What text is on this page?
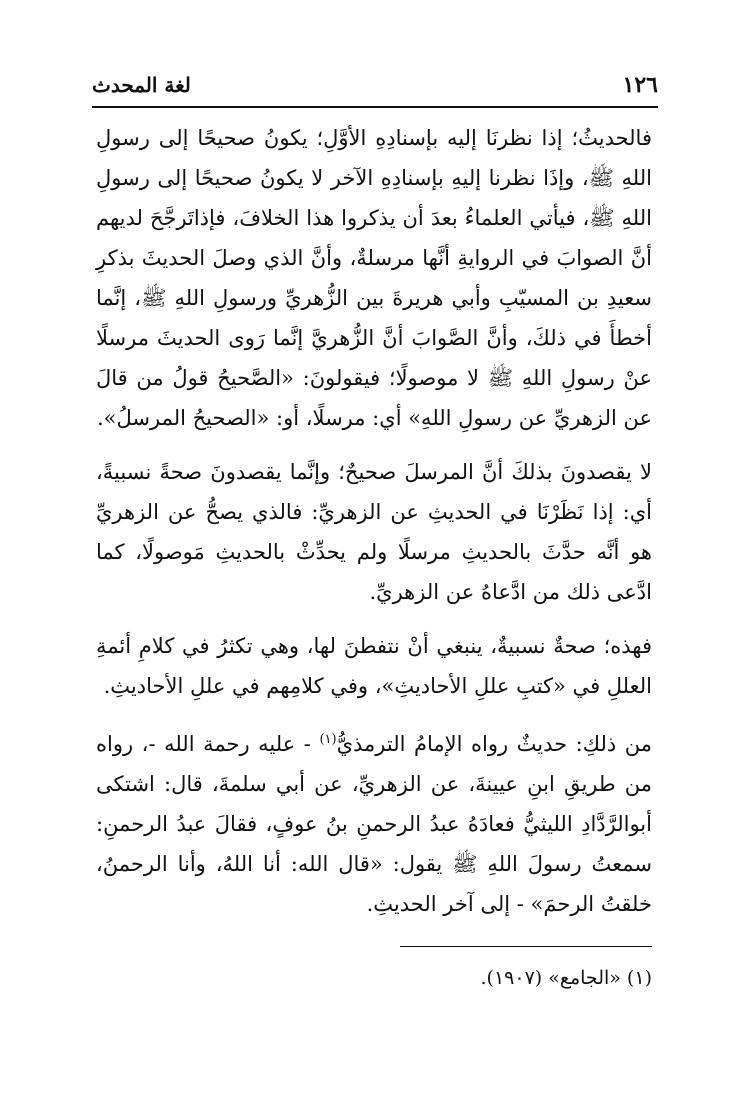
١٢٦
لغة المحدث

فالحديثُ؛ إذا نظرنَا إليه بإسنادِهِ الأوَّلِ؛ يكونُ صحيحًا إلى رسولِ اللهِ ﷺ، وإذَا نظرنا إليهِ بإسنادِهِ الآخر لا يكونُ صحيحًا إلى رسولِ اللهِ ﷺ، فيأتي العلماءُ بعدَ أن يذكروا هذا الخلافَ، فإذاتَرجَّحَ لديهم أنَّ الصوابَ في الروايةِ أنَّها مرسلةٌ، وأنَّ الذي وصلَ الحديثَ بذكرِ سعيدِ بن المسيّبِ وأبي هريرةَ بين الزُّهريِّ ورسولِ اللهِ ﷺ، إنَّما أخطأَ في ذلكَ، وأنَّ الصَّوابَ أنَّ الزُّهريَّ إنَّما رَوى الحديثَ مرسلًا عنْ رسولِ اللهِ ﷺ لا موصولًا؛ فيقولونَ: «الصَّحيحُ قولُ من قالَ عن الزهريِّ عن رسولِ اللهِ» أي: مرسلًا، أو: «الصحيحُ المرسلُ».

لا يقصدونَ بذلكَ أنَّ المرسلَ صحيحٌ؛ وإنَّما يقصدونَ صحةً نسبيةً، أي: إذا نَظَرْنَا في الحديثِ عن الزهريِّ: فالذي يصحُّ عن الزهريِّ هو أنَّه حدَّثَ بالحديثِ مرسلًا ولم يحدِّثْ بالحديثِ مَوصولًا، كما ادَّعى ذلك من ادَّعاهُ عن الزهريِّ.

فهذه؛ صحةٌ نسبيةٌ، ينبغي أنْ نتفطنَ لها، وهي تكثرُ في كلامِ أئمةِ العللِ في «كتبِ عللِ الأحاديثِ»، وفي كلامِهم في عللِ الأحاديثِ.

من ذلكِ: حديثٌ رواه الإمامُ الترمذيُّ$^{(١)}$ - عليه رحمة الله -، رواه من طريقِ ابنِ عيينةَ، عن الزهريِّ، عن أبي سلمةَ، قال: اشتكى أبوالرَّدَّادِ الليثيُّ فعادَهُ عبدُ الرحمنِ بنُ عوفٍ، فقالَ عبدُ الرحمنِ: سمعتُ رسولَ اللهِ ﷺ يقول: «قال الله: أنا اللهُ، وأنا الرحمنُ، خلقتُ الرحمَ» - إلى آخر الحديثِ.

(١) «الجامع» (١٩٠٧).
